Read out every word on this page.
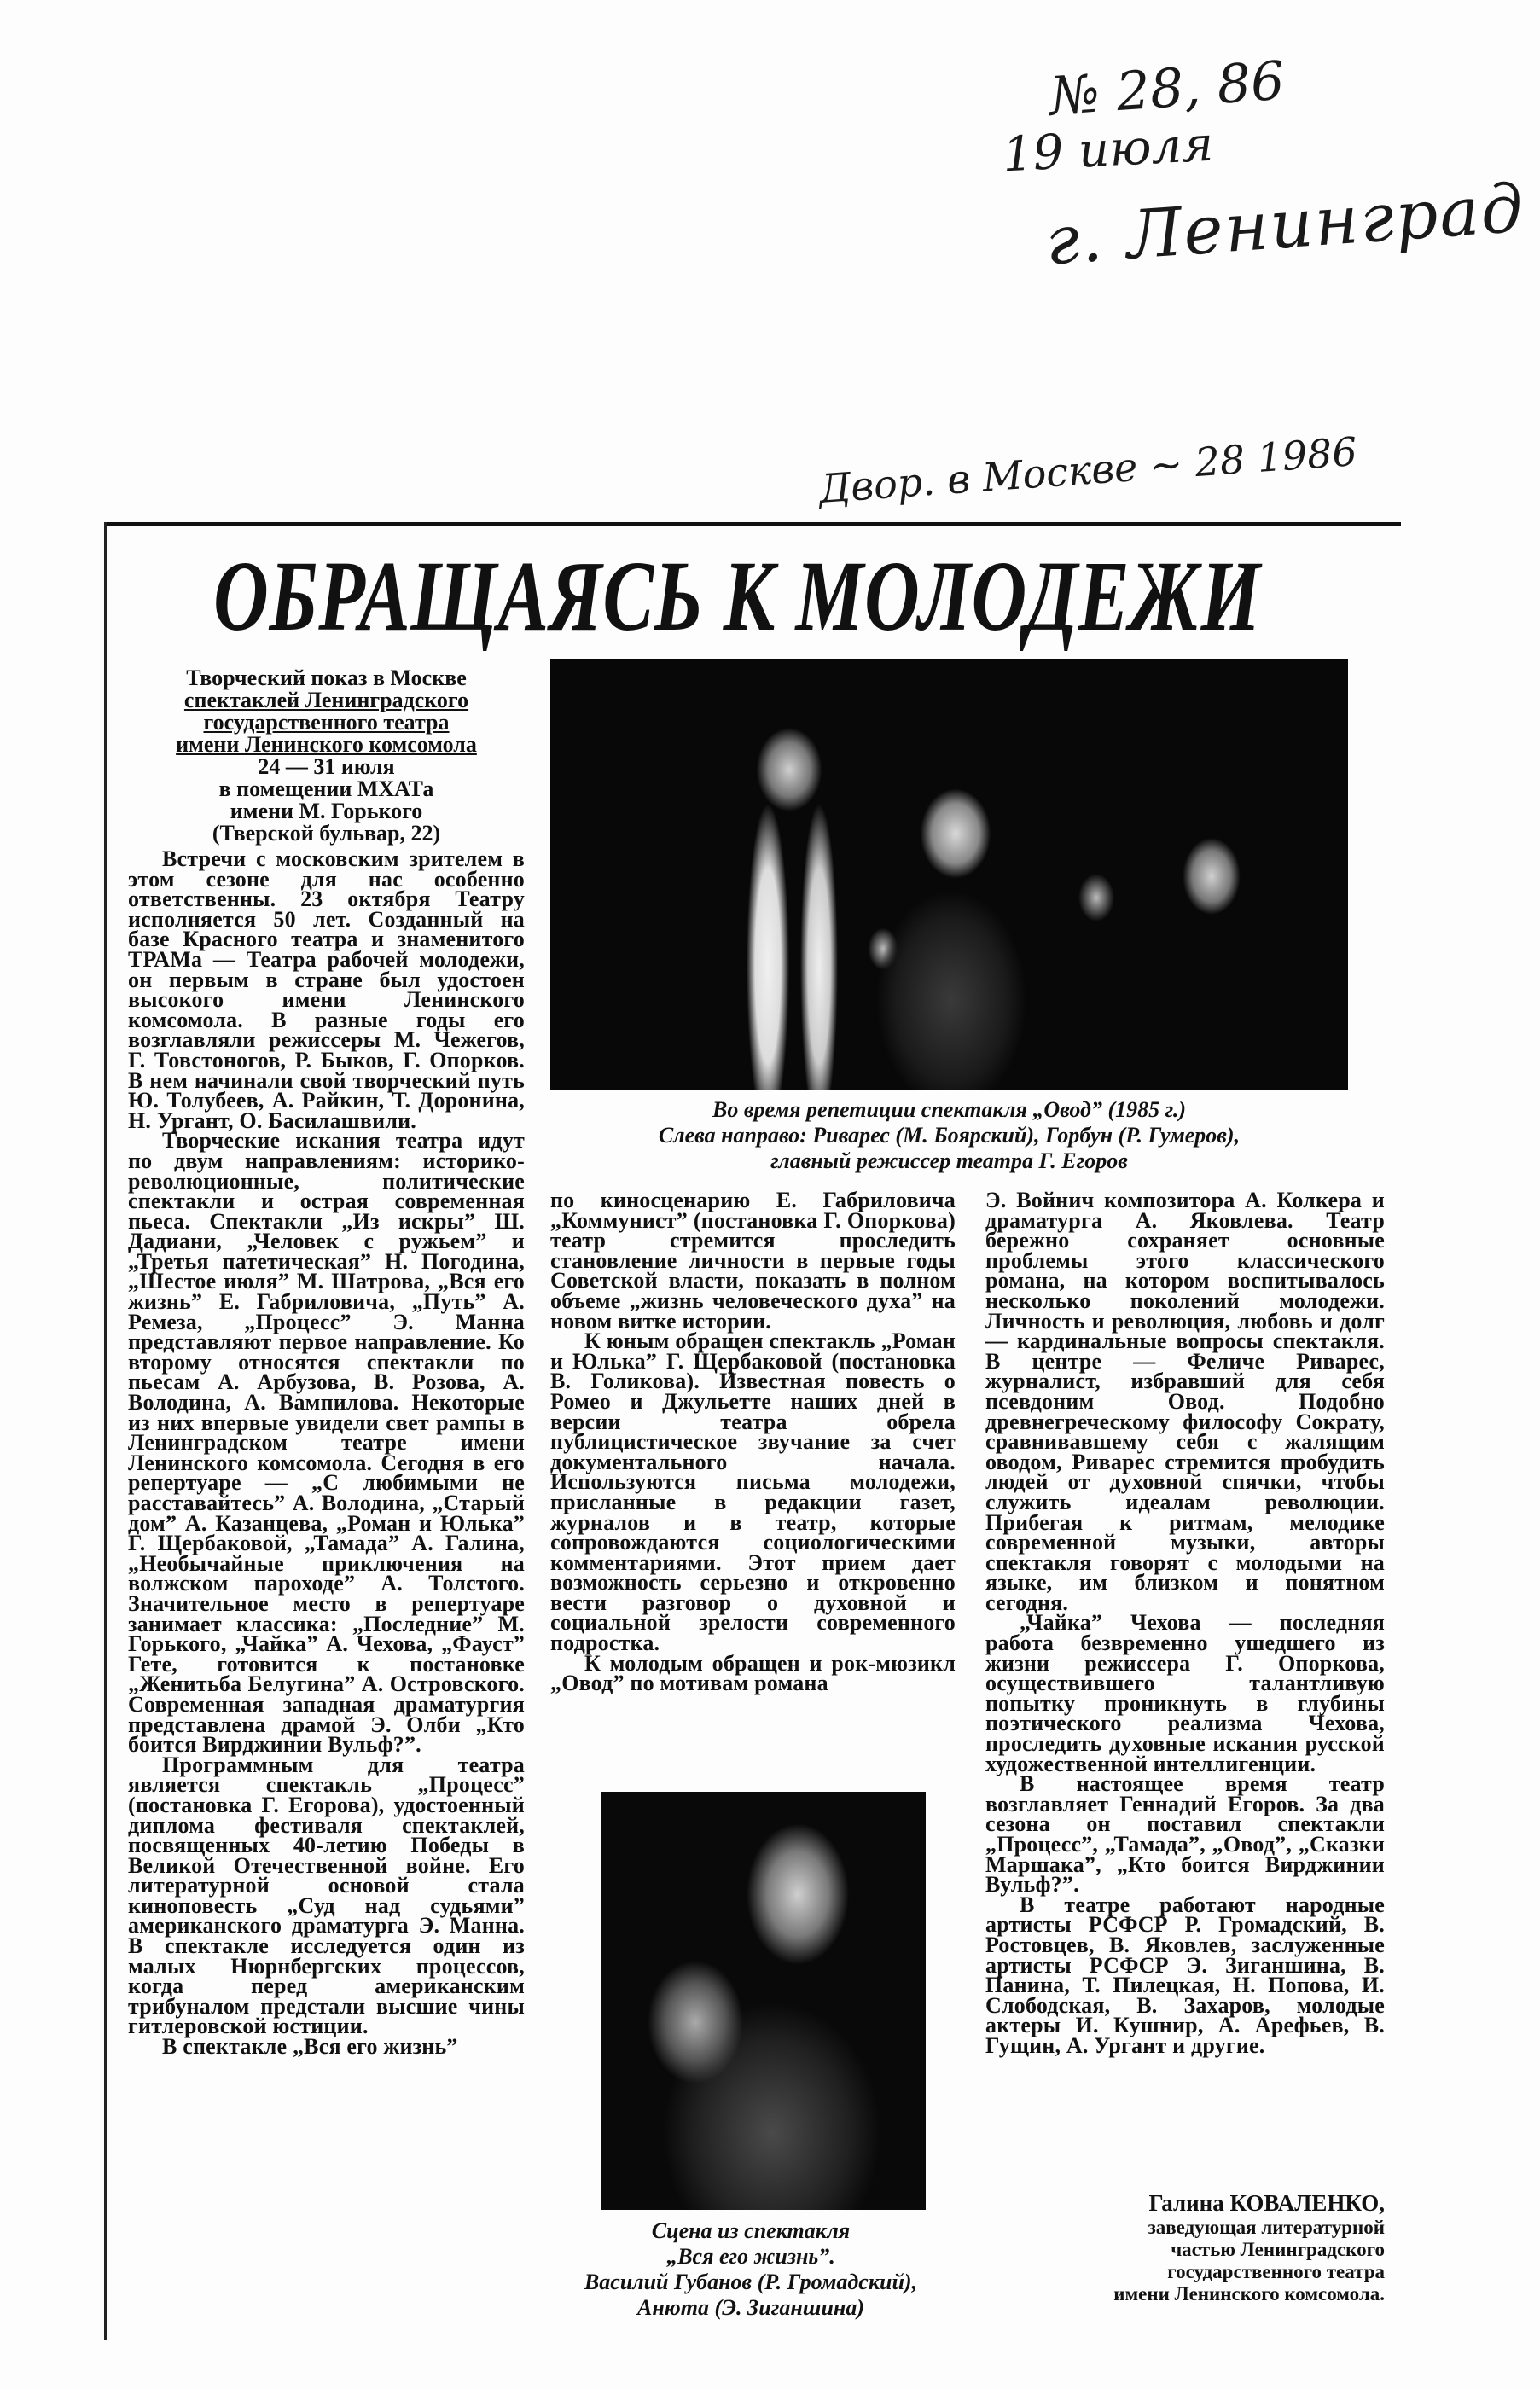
№ 28, 86
19 июля
г. Ленинград
Двор. в Москве ~ 28 1986
ОБРАЩАЯСЬ К МОЛОДЕЖИ
Творческий показ в Москве
спектаклей Ленинградского
государственного театра
имени Ленинского комсомола
24 — 31 июля
в помещении МХАТа
имени М. Горького
(Тверской бульвар, 22)

Встречи с московским зрителем в этом сезоне для нас особенно ответственны. 23 октября Театру исполняется 50 лет. Созданный на базе Красного театра и знаменитого ТРАМа — Театра рабочей молодежи, он первым в стране был удостоен высокого имени Ленинского комсомола. В разные годы его возглавляли режиссеры М. Чежегов, Г. Товстоногов, Р. Быков, Г. Опорков. В нем начинали свой творческий путь Ю. Толубеев, А. Райкин, Т. Доронина, Н. Ургант, О. Басилашвили.

Творческие искания театра идут по двум направлениям: историко-революционные, политические спектакли и острая современная пьеса. Спектакли „Из искры” Ш. Дадиани, „Человек с ружьем” и „Третья патетическая” Н. Погодина, „Шестое июля” М. Шатрова, „Вся его жизнь” Е. Габриловича, „Путь” А. Ремеза, „Процесс” Э. Манна представляют первое направление. Ко второму относятся спектакли по пьесам А. Арбузова, В. Розова, А. Володина, А. Вампилова. Некоторые из них впервые увидели свет рампы в Ленинградском театре имени Ленинского комсомола. Сегодня в его репертуаре — „С любимыми не расставайтесь” А. Володина, „Старый дом” А. Казанцева, „Роман и Юлька” Г. Щербаковой, „Тамада” А. Галина, „Необычайные приключения на волжском пароходе” А. Толстого. Значительное место в репертуаре занимает классика: „Последние” М. Горького, „Чайка” А. Чехова, „Фауст” Гете, готовится к постановке „Женитьба Белугина” А. Островского. Современная западная драматургия представлена драмой Э. Олби „Кто боится Вирджинии Вульф?”.

Программным для театра является спектакль „Процесс” (постановка Г. Егорова), удостоенный диплома фестиваля спектаклей, посвященных 40-летию Победы в Великой Отечественной войне. Его литературной основой стала киноповесть „Суд над судьями” американского драматурга Э. Манна. В спектакле исследуется один из малых Нюрнбергских процессов, когда перед американским трибуналом предстали высшие чины гитлеровской юстиции.

В спектакле „Вся его жизнь”

Во время репетиции спектакля „Овод” (1985 г.)
Слева направо: Риварес (М. Боярский), Горбун (Р. Гумеров),
главный режиссер театра Г. Егоров

по киносценарию Е. Габриловича „Коммунист” (постановка Г. Опоркова) театр стремится проследить становление личности в первые годы Советской власти, показать в полном объеме „жизнь человеческого духа” на новом витке истории.

К юным обращен спектакль „Роман и Юлька” Г. Щербаковой (постановка В. Голикова). Известная повесть о Ромео и Джульетте наших дней в версии театра обрела публицистическое звучание за счет документального начала. Используются письма молодежи, присланные в редакции газет, журналов и в театр, которые сопровождаются социологическими комментариями. Этот прием дает возможность серьезно и откровенно вести разговор о духовной и социальной зрелости современного подростка.

К молодым обращен и рок-мюзикл „Овод” по мотивам романа

Сцена из спектакля
„Вся его жизнь”.
Василий Губанов (Р. Громадский),
Анюта (Э. Зиганшина)

Э. Войнич композитора А. Колкера и драматурга А. Яковлева. Театр бережно сохраняет основные проблемы этого классического романа, на котором воспитывалось несколько поколений молодежи. Личность и революция, любовь и долг — кардинальные вопросы спектакля. В центре — Феличе Риварес, журналист, избравший для себя псевдоним Овод. Подобно древнегреческому философу Сократу, сравнивавшему себя с жалящим оводом, Риварес стремится пробудить людей от духовной спячки, чтобы служить идеалам революции. Прибегая к ритмам, мелодике современной музыки, авторы спектакля говорят с молодыми на языке, им близком и понятном сегодня.

„Чайка” Чехова — последняя работа безвременно ушедшего из жизни режиссера Г. Опоркова, осуществившего талантливую попытку проникнуть в глубины поэтического реализма Чехова, проследить духовные искания русской художественной интеллигенции.

В настоящее время театр возглавляет Геннадий Егоров. За два сезона он поставил спектакли „Процесс”, „Тамада”, „Овод”, „Сказки Маршака”, „Кто боится Вирджинии Вульф?”.

В театре работают народные артисты РСФСР Р. Громадский, В. Ростовцев, В. Яковлев, заслуженные артисты РСФСР Э. Зиганшина, В. Панина, Т. Пилецкая, Н. Попова, И. Слободская, В. Захаров, молодые актеры И. Кушнир, А. Арефьев, В. Гущин, А. Ургант и другие.

Галина КОВАЛЕНКО,
заведующая литературной
частью Ленинградского
государственного театра
имени Ленинского комсомола.
